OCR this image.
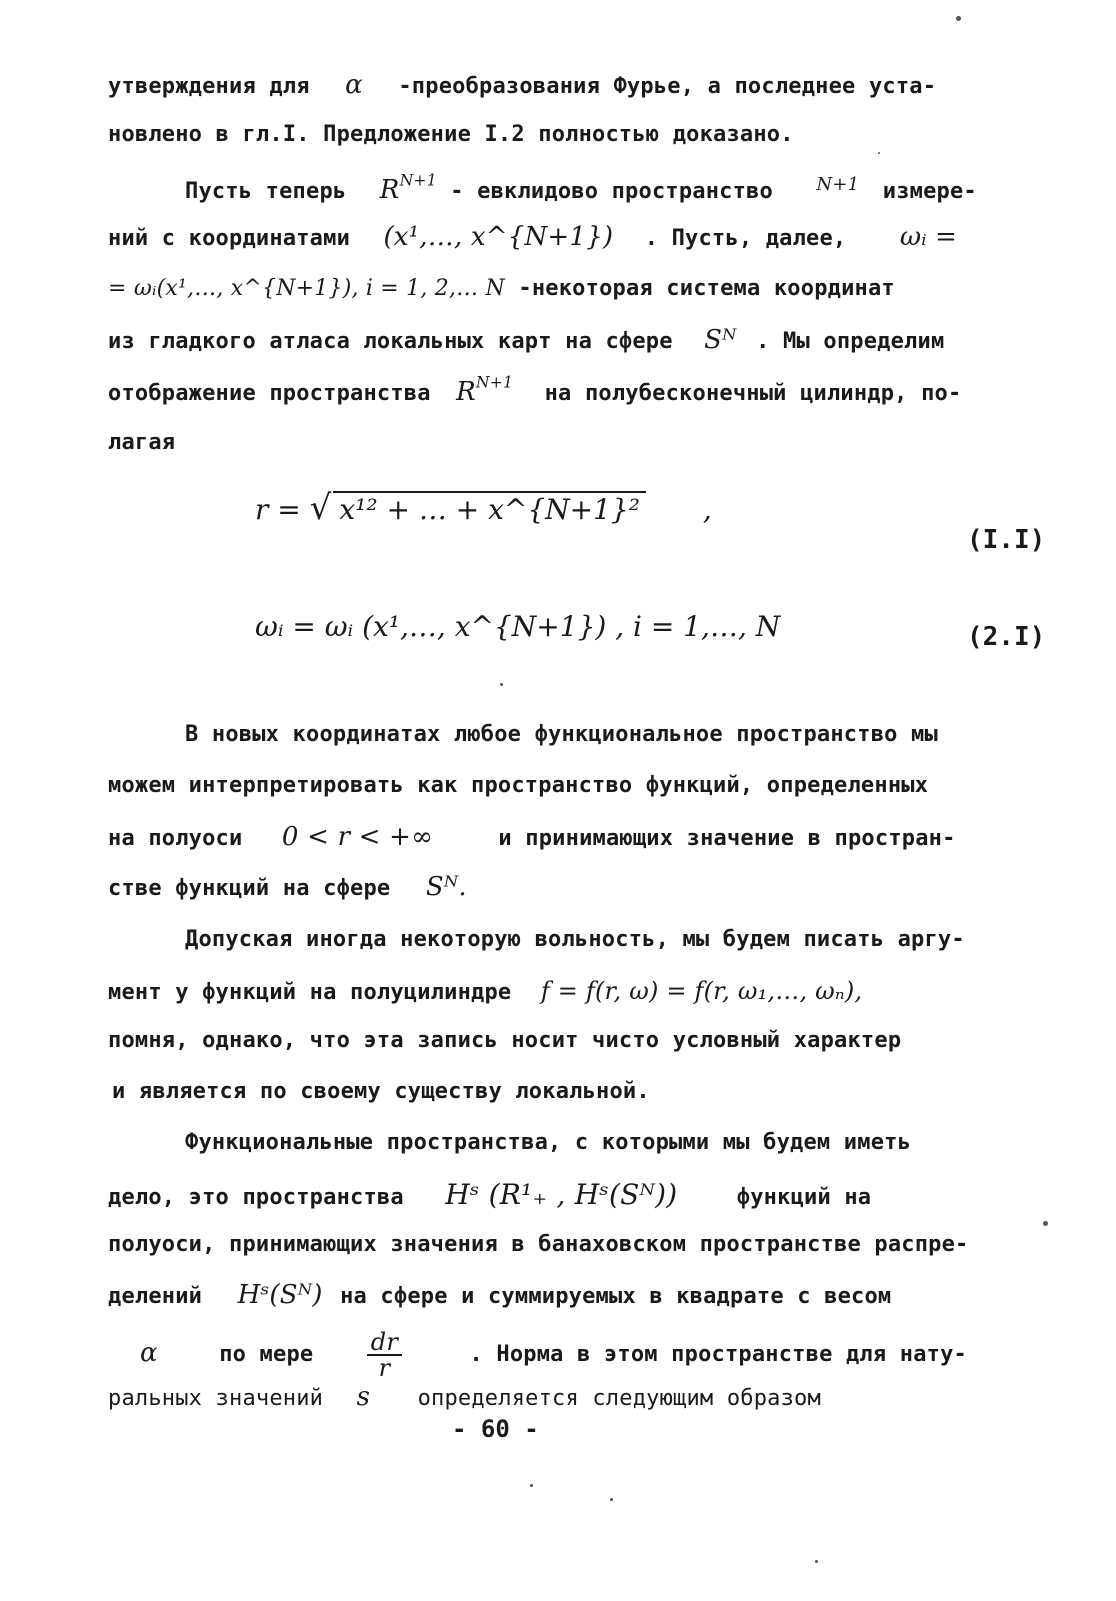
утверждения для α -преобразования Фурье, а последнее уста-
новлено в гл.I. Предложение I.2 полностью доказано.
Пусть теперь $R^{N+1}$ - евклидово пространство $^{N+1}$ измере-
ний с координатами (x¹,…, x^{N+1}) . Пусть, далее, ωᵢ =
= ωᵢ(x¹,…, x^{N+1}), i = 1, 2,… N -некоторая система координат
из гладкого атласа локальных карт на сфере Sᴺ . Мы определим
отображение пространства $R^{N+1}$ на полубесконечный цилиндр, по-
лагая
r = √ x¹² + … + x^{N+1}² ,
(I.I)
ωᵢ = ωᵢ (x¹,…, x^{N+1}) , i = 1,…, N	(2.I)
В новых координатах любое функциональное пространство мы
можем интерпретировать как пространство функций, определенных
на полуоси 0 < r < +∞	и принимающих значение в простран-
стве функций на сфере Sᴺ.
Допуская иногда некоторую вольность, мы будем писать аргу-
мент у функций на полуцилиндре f = f(r, ω) = f(r, ω₁,…, ωₙ),
помня, однако, что эта запись носит чисто условный характер
и является по своему существу локальной.
Функциональные пространства, с которыми мы будем иметь
дело, это пространства Hˢ (R¹₊ , Hˢ(Sᴺ))	функций на
полуоси, принимающих значения в банаховском пространстве распре-
делений Hˢ(Sᴺ) на сфере и суммируемых в квадрате с весом
α	по мере $\frac{dr}{r}$	. Норма в этом пространстве для нату-
ральных значений s определяется следующим образом
- 60 -
